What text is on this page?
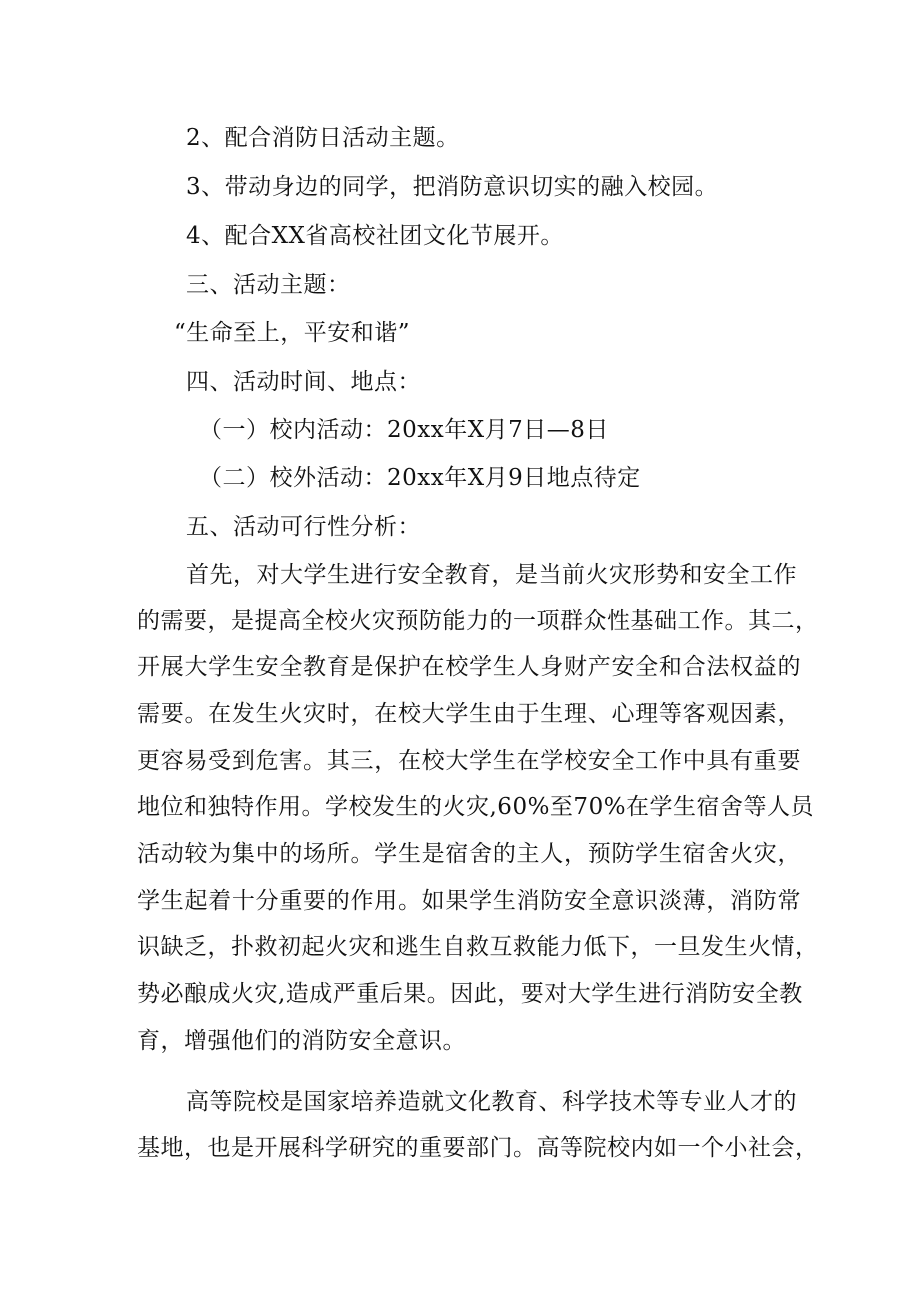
2、配合消防日活动主题。
3、带动身边的同学，把消防意识切实的融入校园。
4、配合XX省高校社团文化节展开。
三、活动主题：
“生命至上，平安和谐”
四、活动时间、地点：
（一）校内活动：20xx年X月7日—8日
（二）校外活动：20xx年X月9日地点待定
五、活动可行性分析：
首先，对大学生进行安全教育，是当前火灾形势和安全工作
的需要，是提高全校火灾预防能力的一项群众性基础工作。其二，
开展大学生安全教育是保护在校学生人身财产安全和合法权益的
需要。在发生火灾时，在校大学生由于生理、心理等客观因素，
更容易受到危害。其三，在校大学生在学校安全工作中具有重要
地位和独特作用。学校发生的火灾,60%至70%在学生宿舍等人员
活动较为集中的场所。学生是宿舍的主人，预防学生宿舍火灾，
学生起着十分重要的作用。如果学生消防安全意识淡薄，消防常
识缺乏，扑救初起火灾和逃生自救互救能力低下，一旦发生火情，
势必酿成火灾,造成严重后果。因此，要对大学生进行消防安全教
育，增强他们的消防安全意识。
高等院校是国家培养造就文化教育、科学技术等专业人才的
基地，也是开展科学研究的重要部门。高等院校内如一个小社会，
